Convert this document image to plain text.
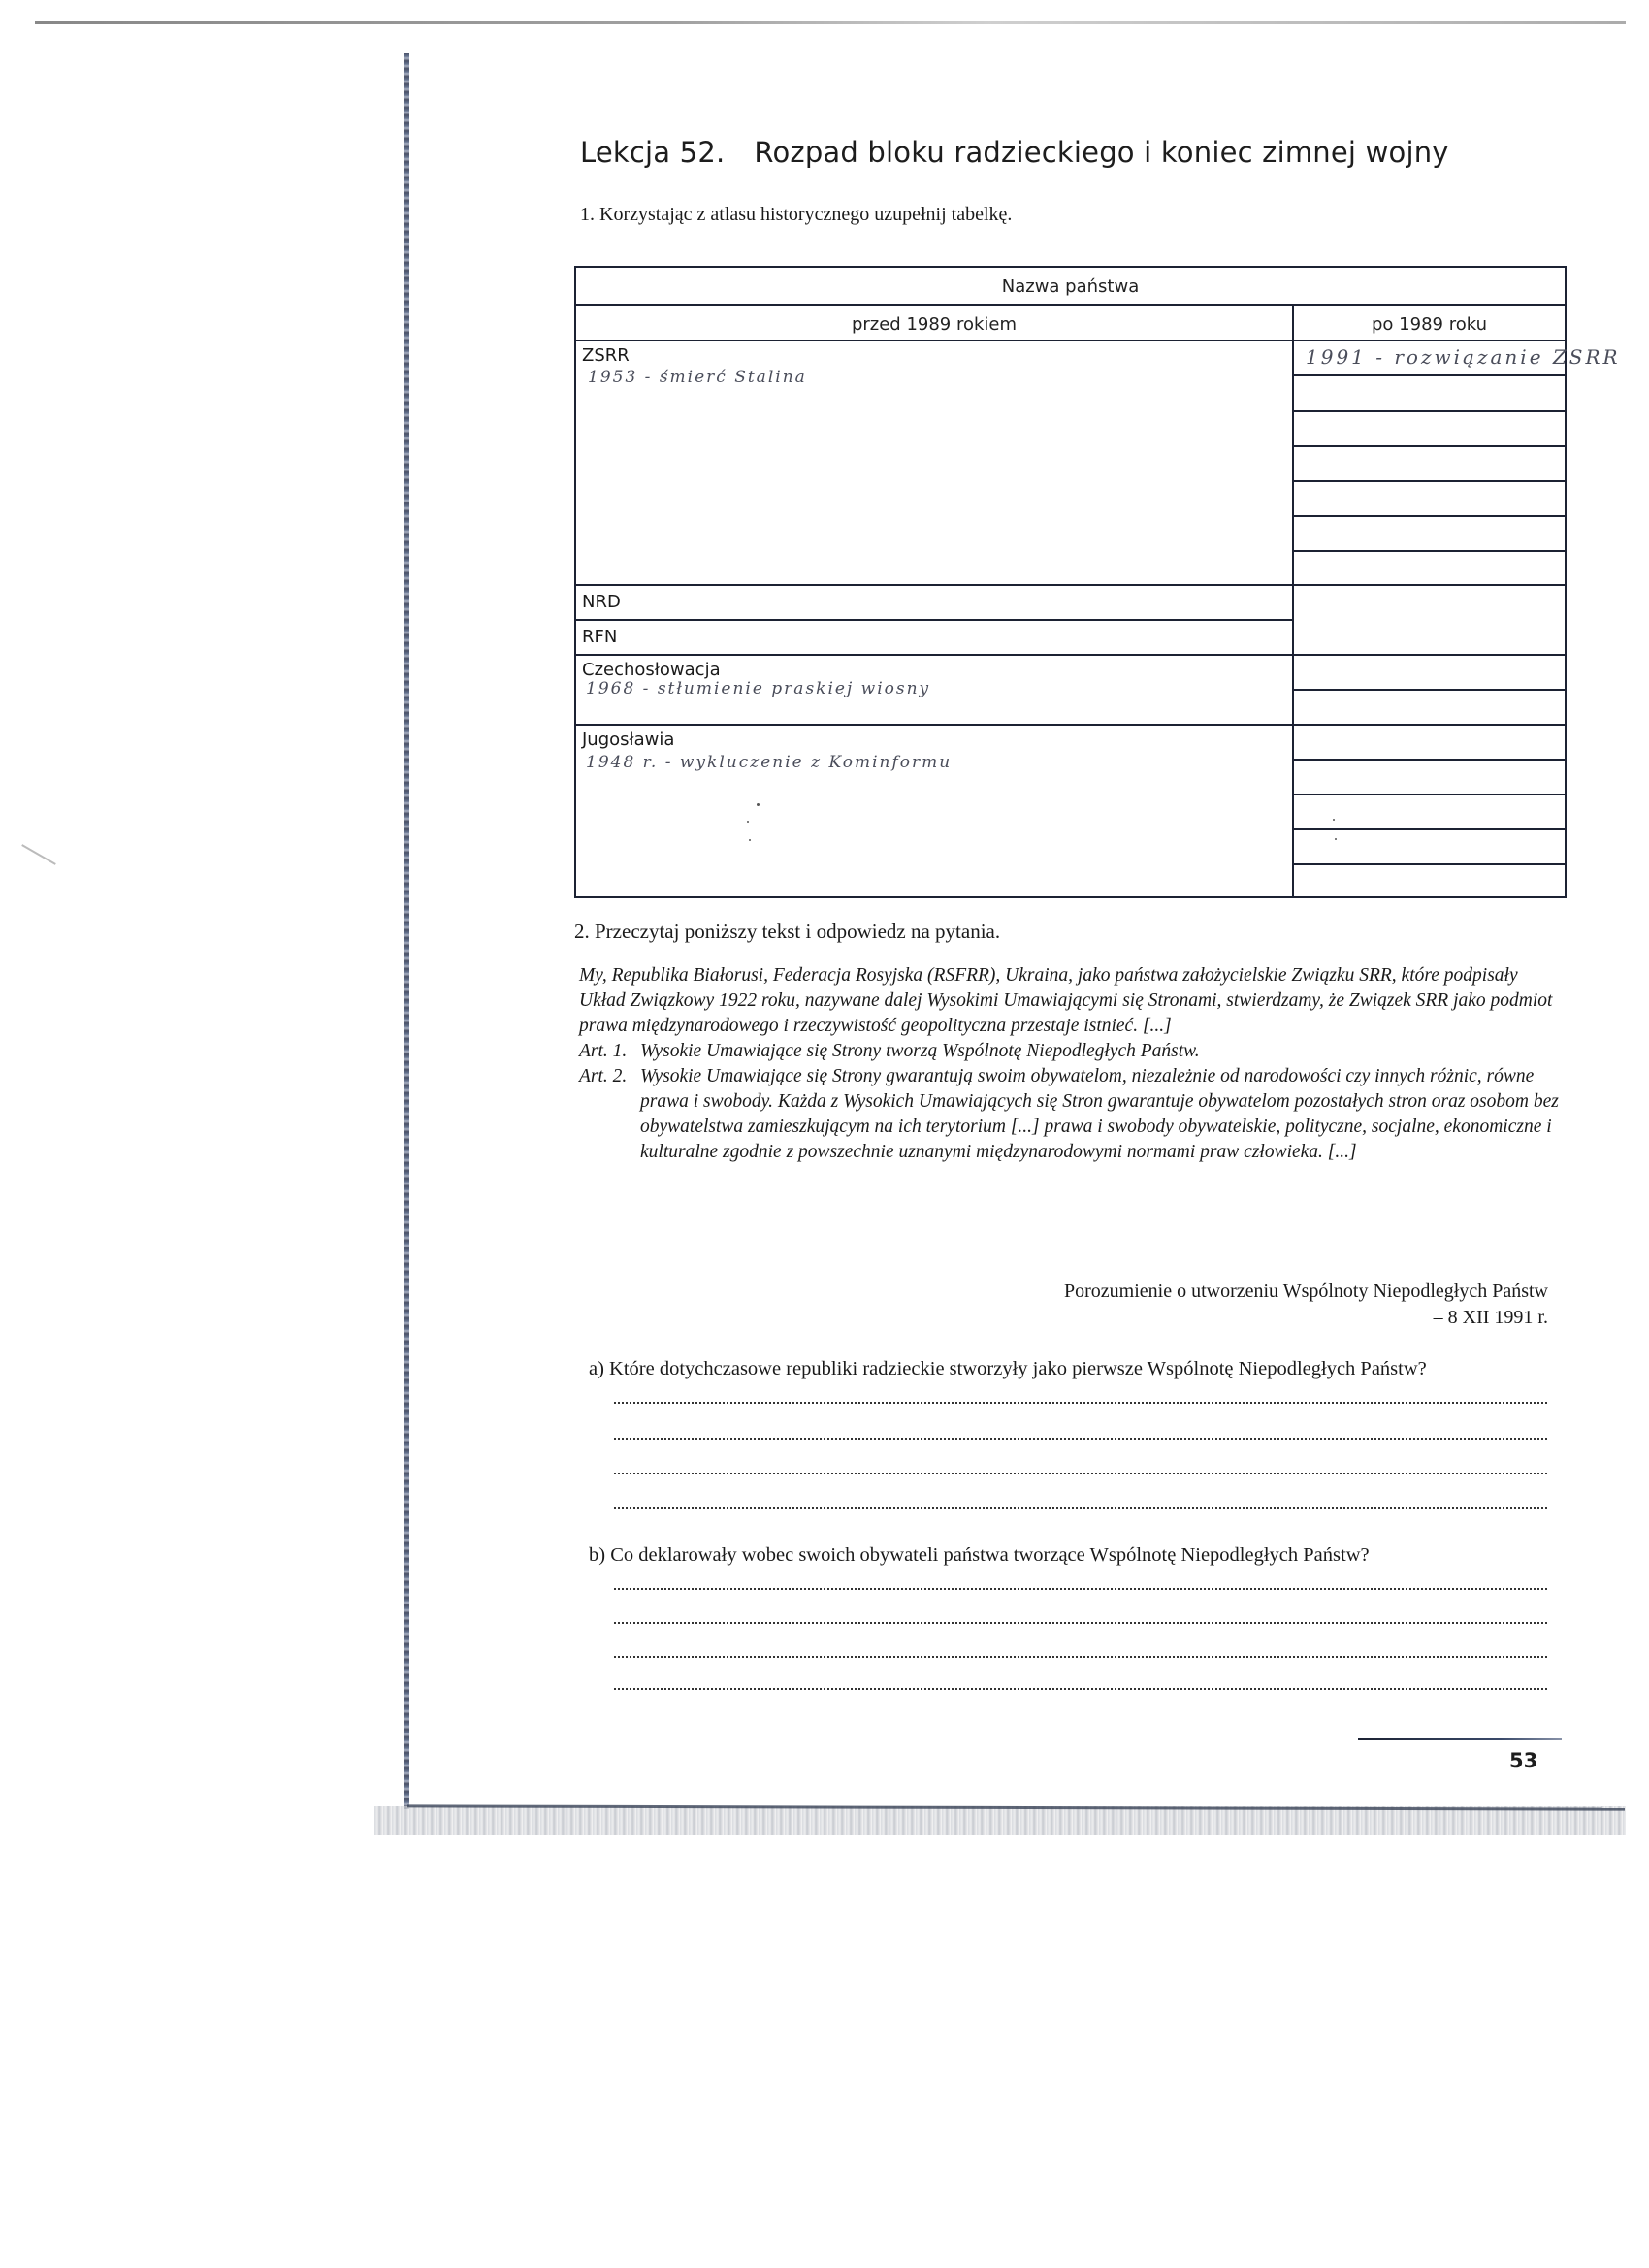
Lekcja 52. Rozpad bloku radzieckiego i koniec zimnej wojny
1. Korzystając z atlasu historycznego uzupełnij tabelkę.
Nazwa państwa
przed 1989 rokiem	po 1989 roku
ZSRR
1953 - śmierć Stalina
1991 - rozwiązanie ZSRR
NRD
RFN
Czechosłowacja
1968 - stłumienie praskiej wiosny
Jugosławia
1948 r. - wykluczenie z Kominformu
2. Przeczytaj poniższy tekst i odpowiedz na pytania.

My, Republika Białorusi, Federacja Rosyjska (RSFRR), Ukraina, jako państwa założycielskie Związku SRR, które podpisały Układ Związkowy 1922 roku, nazywane dalej Wysokimi Umawiającymi się Stronami, stwierdzamy, że Związek SRR jako podmiot prawa międzynarodowego i rzeczywistość geopolityczna przestaje istnieć. [...]

Art. 1. Wysokie Umawiające się Strony tworzą Wspólnotę Niepodległych Państw.

Art. 2. Wysokie Umawiające się Strony gwarantują swoim obywatelom, niezależnie od narodowości czy innych różnic, równe prawa i swobody. Każda z Wysokich Umawiających się Stron gwarantuje obywatelom pozostałych stron oraz osobom bez obywatelstwa zamieszkującym na ich terytorium [...] prawa i swobody obywatelskie, polityczne, socjalne, ekonomiczne i kulturalne zgodnie z powszechnie uznanymi międzynarodowymi normami praw człowieka. [...]

Porozumienie o utworzeniu Wspólnoty Niepodległych Państw
– 8 XII 1991 r.
a) Które dotychczasowe republiki radzieckie stworzyły jako pierwsze Wspólnotę Niepodległych Państw?
b) Co deklarowały wobec swoich obywateli państwa tworzące Wspólnotę Niepodległych Państw?
53
